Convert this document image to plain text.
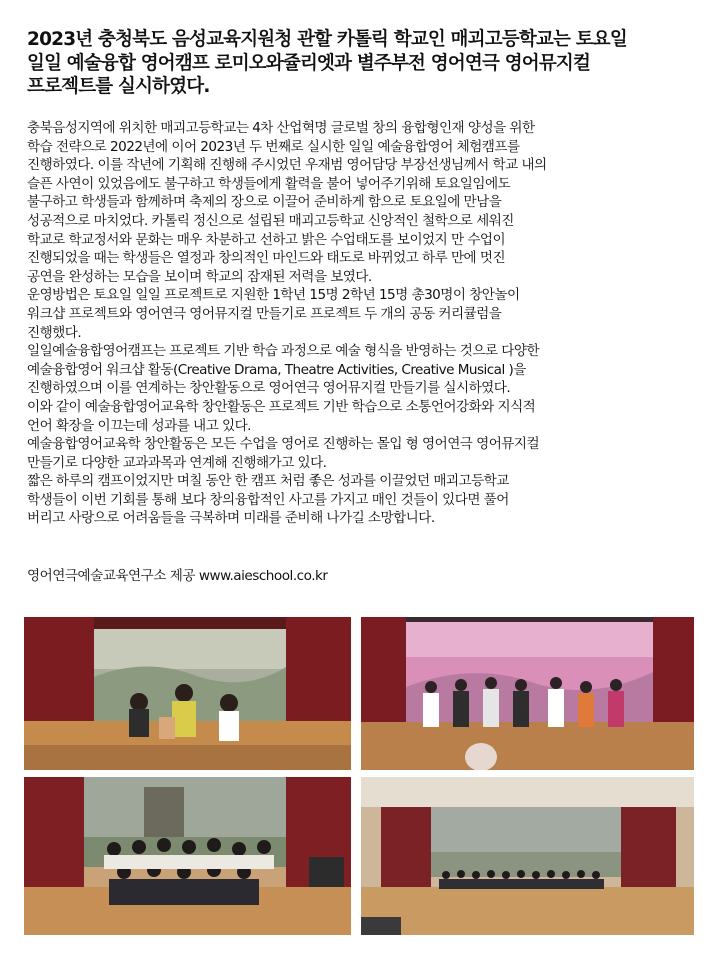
2023년 충청북도 음성교육지원청 관할 카톨릭 학교인 매괴고등학교는 토요일
일일 예술융합 영어캠프 로미오와쥴리엣과 별주부전 영어연극 영어뮤지컬
프로젝트를 실시하였다.
충북음성지역에 위치한 매괴고등학교는 4차 산업혁명 글로벌 창의 융합형인재 양성을 위한
학습 전략으로 2022년에 이어 2023년 두 번째로 실시한 일일 예술융합영어 체험캠프를
진행하였다. 이를 작년에 기획해 진행해 주시었던 우재범 영어담당 부장선생님께서 학교 내의
슬픈 사연이 있었음에도 불구하고 학생들에게 활력을 불어 넣어주기위해 토요일임에도
불구하고 학생들과 함께하며 축제의 장으로 이끌어 준비하게 함으로 토요일에 만남을
성공적으로 마치었다. 카톨릭 정신으로 설립된 매괴고등학교 신앙적인 철학으로 세워진
학교로 학교정서와 문화는 매우 차분하고 선하고 밝은 수업태도를 보이었지 만 수업이
진행되었을 때는 학생들은 열정과 창의적인 마인드와 태도로 바뀌었고 하루 만에 멋진
공연을 완성하는 모습을 보이며 학교의 잠재된 저력을 보였다.
운영방법은 토요일 일일 프로젝트로 지원한 1학년 15명 2학년 15명 총30명이 창안놀이
워크샵 프로젝트와 영어연극 영어뮤지컬 만들기로 프로젝트 두 개의 공동 커리큘럼을
진행했다.
일일예술융합영어캠프는 프로젝트 기반 학습 과정으로 예술 형식을 반영하는 것으로 다양한
예술융합영어 워크샵 활동(Creative Drama, Theatre Activities, Creative Musical )을
진행하였으며 이를 연계하는 창안활동으로 영어연극 영어뮤지컬 만들기를 실시하였다.
이와 같이 예술융합영어교육학 창안활동은 프로젝트 기반 학습으로 소통언어강화와 지식적
언어 확장을 이끄는데 성과를 내고 있다.
예술융합영어교육학 창안활동은 모든 수업을 영어로 진행하는 몰입 형 영어연극 영어뮤지컬
만들기로 다양한 교과과목과 연계해 진행해가고 있다.
짧은 하루의 캠프이었지만 며칠 동안 한 캠프 처럼 좋은 성과를 이끌었던 매괴고등학교
학생들이 이번 기회를 통해 보다 창의융합적인 사고를 가지고 매인 것들이 있다면 풀어
버리고 사랑으로 어려움들을 극복하며 미래를 준비해 나가길 소망합니다.
영어연극예술교육연구소 제공 www.aieschool.co.kr
